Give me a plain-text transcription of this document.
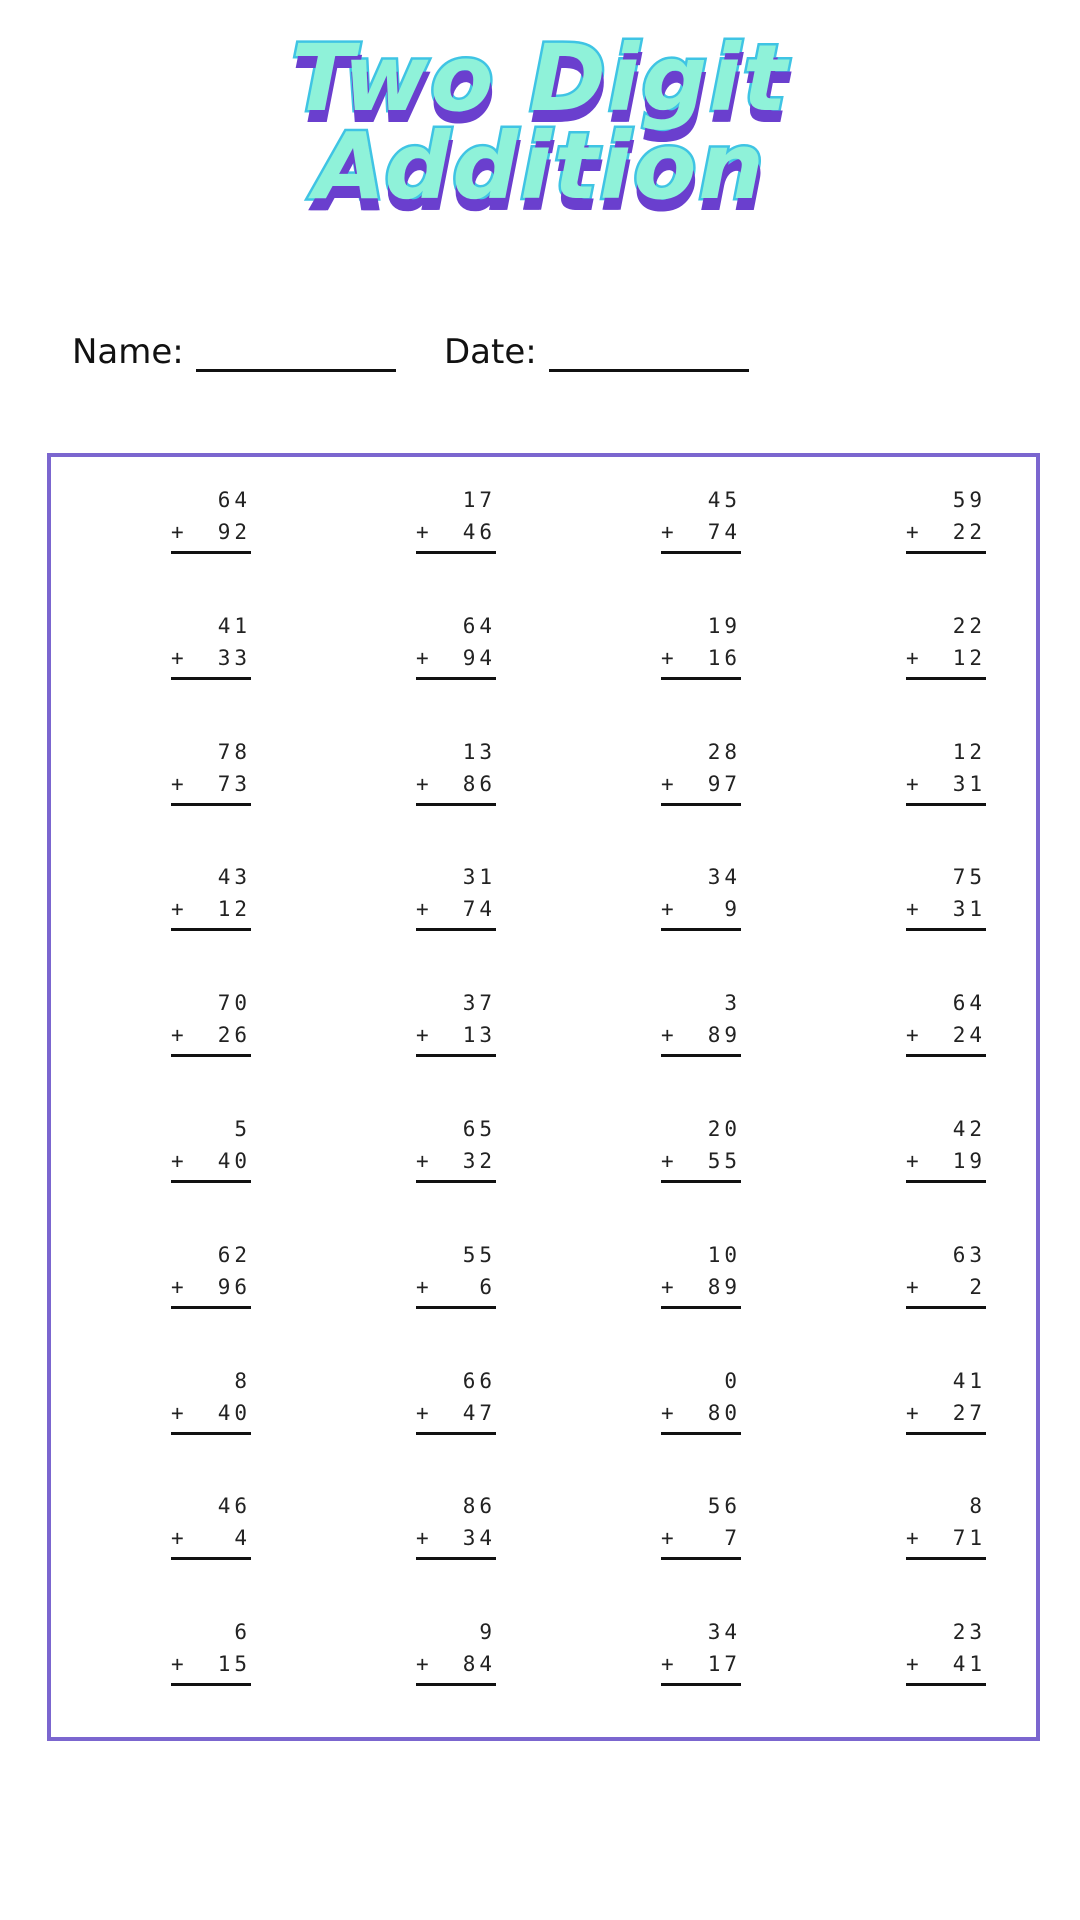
Two Digit
Addition
Name:	Date:
64
+ 92
17
+ 46
45
+ 74
59
+ 22
41
+ 33
64
+ 94
19
+ 16
22
+ 12
78
+ 73
13
+ 86
28
+ 97
12
+ 31
43
+ 12
31
+ 74
34
+ 9
75
+ 31
70
+ 26
37
+ 13
3
+ 89
64
+ 24
5
+ 40
65
+ 32
20
+ 55
42
+ 19
62
+ 96
55
+ 6
10
+ 89
63
+ 2
8
+ 40
66
+ 47
0
+ 80
41
+ 27
46
+ 4
86
+ 34
56
+ 7
8
+ 71
6
+ 15
9
+ 84
34
+ 17
23
+ 41
